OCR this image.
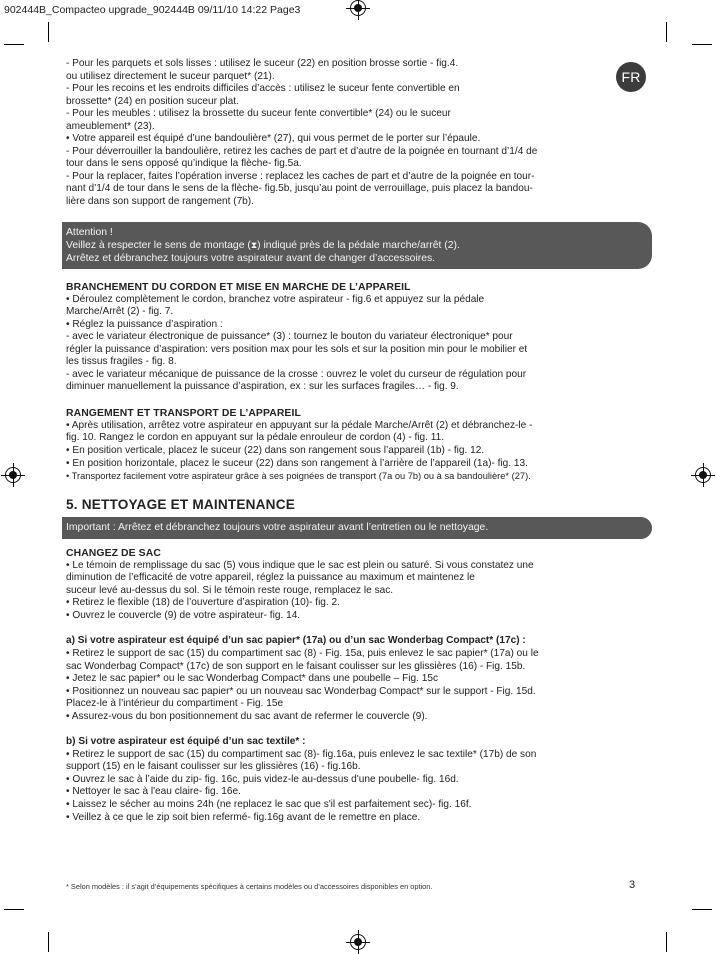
902444B_Compacteo upgrade_902444B 09/11/10 14:22 Page3
FR

- Pour les parquets et sols lisses : utilisez le suceur (22) en position brosse sortie - fig.4.

ou utilisez directement le suceur parquet* (21).

- Pour les recoins et les endroits difficiles d’accès : utilisez le suceur fente convertible en

brossette* (24) en position suceur plat.

- Pour les meubles : utilisez la brossette du suceur fente convertible* (24) ou le suceur

ameublement* (23).

• Votre appareil est équipé d’une bandoulière* (27), qui vous permet de le porter sur l’épaule.

- Pour déverrouiller la bandoulière, retirez les caches de part et d’autre de la poignée en tournant d’1/4 de

tour dans le sens opposé qu’indique la flèche- fig.5a.

- Pour la replacer, faites l’opération inverse : replacez les caches de part et d’autre de la poignée en tour-

nant d’1/4 de tour dans le sens de la flèche- fig.5b, jusqu’au point de verrouillage, puis placez la bandou-

lière dans son support de rangement (7b).

Attention !

Veillez à respecter le sens de montage (⧗) indiqué près de la pédale marche/arrêt (2).

Arrêtez et débranchez toujours votre aspirateur avant de changer d’accessoires.

BRANCHEMENT DU CORDON ET MISE EN MARCHE DE L’APPAREIL

• Déroulez complètement le cordon, branchez votre aspirateur - fig.6 et appuyez sur la pédale

Marche/Arrêt (2) - fig. 7.

• Réglez la puissance d’aspiration :

- avec le variateur électronique de puissance* (3) : tournez le bouton du variateur électronique* pour

régler la puissance d’aspiration: vers position max pour les sols et sur la position min pour le mobilier et

les tissus fragiles - fig. 8.

- avec le variateur mécanique de puissance de la crosse : ouvrez le volet du curseur de régulation pour

diminuer manuellement la puissance d’aspiration, ex : sur les surfaces fragiles… - fig. 9.

RANGEMENT ET TRANSPORT DE L’APPAREIL

• Après utilisation, arrêtez votre aspirateur en appuyant sur la pédale Marche/Arrêt (2) et débranchez-le -

fig. 10. Rangez le cordon en appuyant sur la pédale enrouleur de cordon (4) - fig. 11.

• En position verticale, placez le suceur (22) dans son rangement sous l’appareil (1b) - fig. 12.

• En position horizontale, placez le suceur (22) dans son rangement à l’arrière de l’appareil (1a)- fig. 13.

• Transportez facilement votre aspirateur grâce à ses poignées de transport (7a ou 7b) ou à sa bandoulière* (27).

5. NETTOYAGE ET MAINTENANCE

Important : Arrêtez et débranchez toujours votre aspirateur avant l’entretien ou le nettoyage.

CHANGEZ DE SAC

• Le témoin de remplissage du sac (5) vous indique que le sac est plein ou saturé. Si vous constatez une

diminution de l’efficacité de votre appareil, réglez la puissance au maximum et maintenez le

suceur levé au-dessus du sol. Si le témoin reste rouge, remplacez le sac.

• Retirez le flexible (18) de l’ouverture d’aspiration (10)- fig. 2.

• Ouvrez le couvercle (9) de votre aspirateur- fig. 14.

a) Si votre aspirateur est équipé d’un sac papier* (17a) ou d’un sac Wonderbag Compact* (17c) :

• Retirez le support de sac (15) du compartiment sac (8) - Fig. 15a, puis enlevez le sac papier* (17a) ou le

sac Wonderbag Compact* (17c) de son support en le faisant coulisser sur les glissières (16) - Fig. 15b.

• Jetez le sac papier* ou le sac Wonderbag Compact* dans une poubelle – Fig. 15c

• Positionnez un nouveau sac papier* ou un nouveau sac Wonderbag Compact* sur le support - Fig. 15d.

Placez-le à l’intérieur du compartiment - Fig. 15e

• Assurez-vous du bon positionnement du sac avant de refermer le couvercle (9).

b) Si votre aspirateur est équipé d’un sac textile* :

• Retirez le support de sac (15) du compartiment sac (8)- fig.16a, puis enlevez le sac textile* (17b) de son

support (15) en le faisant coulisser sur les glissières (16) - fig.16b.

• Ouvrez le sac à l’aide du zip- fig. 16c, puis videz-le au-dessus d'une poubelle- fig. 16d.

• Nettoyer le sac à l'eau claire- fig. 16e.

• Laissez le sécher au moins 24h (ne replacez le sac que s'il est parfaitement sec)- fig. 16f.

• Veillez à ce que le zip soit bien refermé- fig.16g avant de le remettre en place.

* Selon modèles : il s’agit d’équipements spécifiques à certains modèles ou d’accessoires disponibles en option.	3
